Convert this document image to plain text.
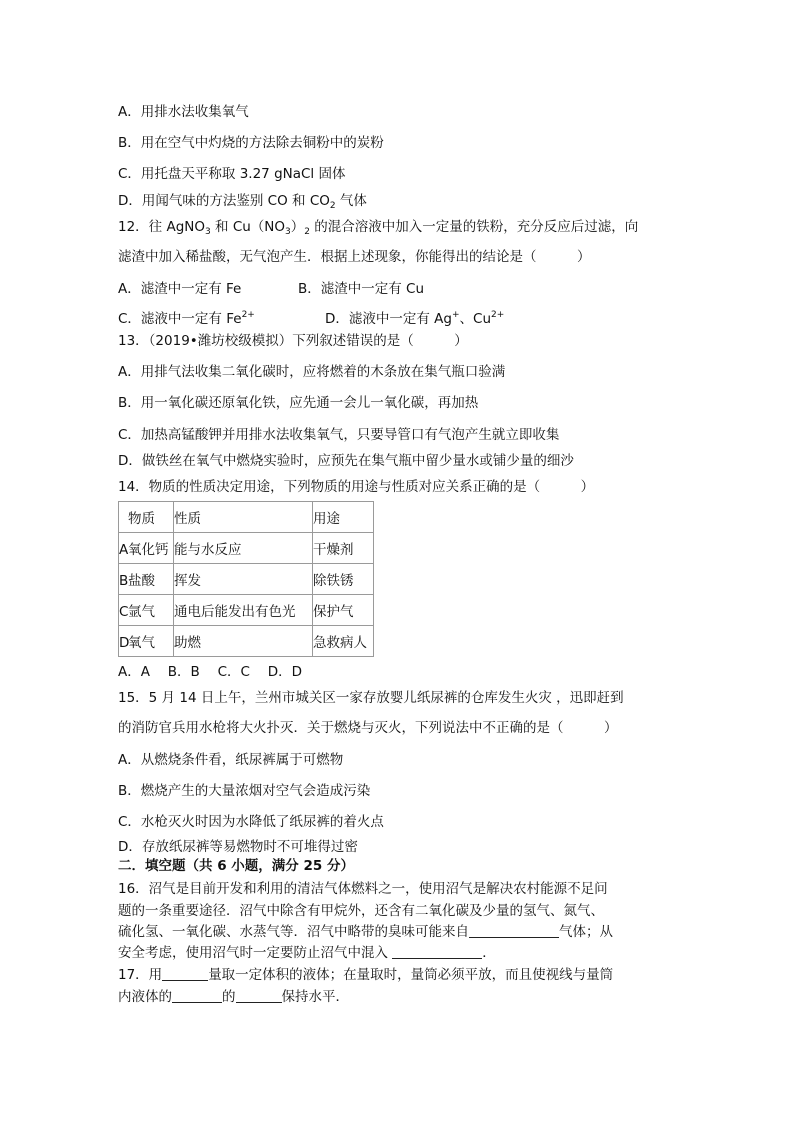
A．用排水法收集氧气
B．用在空气中灼烧的方法除去铜粉中的炭粉
C．用托盘天平称取 3.27 gNaCl 固体
D．用闻气味的方法鉴别 CO 和 $CO_2$ 气体
12．往 AgNO$_3$ 和 $Cu(NO_3)_2$ 的混合溶液中加入一定量的铁粉，充分反应后过滤，向
滤渣中加入稀盐酸，无气泡产生．根据上述现象，你能得出的结论是（　　　）
A．滤渣中一定有 Fe	B．滤渣中一定有 Cu
C．滤液中一定有 $Fe^{2+}$	D．滤液中一定有 Ag+、$Cu^{2+}$
13．（2019•潍坊校级模拟）下列叙述错误的是（　　　）
A．用排气法收集二氧化碳时，应将燃着的木条放在集气瓶口验满
B．用一氧化碳还原氧化铁，应先通一会儿一氧化碳，再加热
C．加热高锰酸钾并用排水法收集氧气，只要导管口有气泡产生就立即收集
D．做铁丝在氧气中燃烧实验时，应预先在集气瓶中留少量水或铺少量的细沙
14．物质的性质决定用途，下列物质的用途与性质对应关系正确的是（　　　）
物质	性质	用途
A氧化钙	能与水反应	干燥剂
B盐酸	挥发	除铁锈
C氩气	通电后能发出有色光	保护气
D氧气	助燃	急救病人
A．A　 B．B　 C．C　 D．D
15．5 月 14 日上午，兰州市城关区一家存放婴儿纸尿裤的仓库发生火灾 ，迅即赶到
的消防官兵用水枪将大火扑灭．关于燃烧与灭火，下列说法中不正确的是（　　　）
A．从燃烧条件看，纸尿裤属于可燃物
B．燃烧产生的大量浓烟对空气会造成污染
C．水枪灭火时因为水降低了纸尿裤的着火点
D．存放纸尿裤等易燃物时不可堆得过密
二．填空题（共 6 小题，满分 25 分）
16．沼气是目前开发和利用的清洁气体燃料之一，使用沼气是解决农村能源不足问
题的一条重要途径．沼气中除含有甲烷外，还含有二氧化碳及少量的氢气、氮气、
硫化氢、一氧化碳、水蒸气等．沼气中略带的臭味可能来自	气体；从
安全考虑，使用沼气时一定要防止沼气中混入	．
17．用	量取一定体积的液体；在量取时，量筒必须平放，而且使视线与量筒
内液体的	的	保持水平．
